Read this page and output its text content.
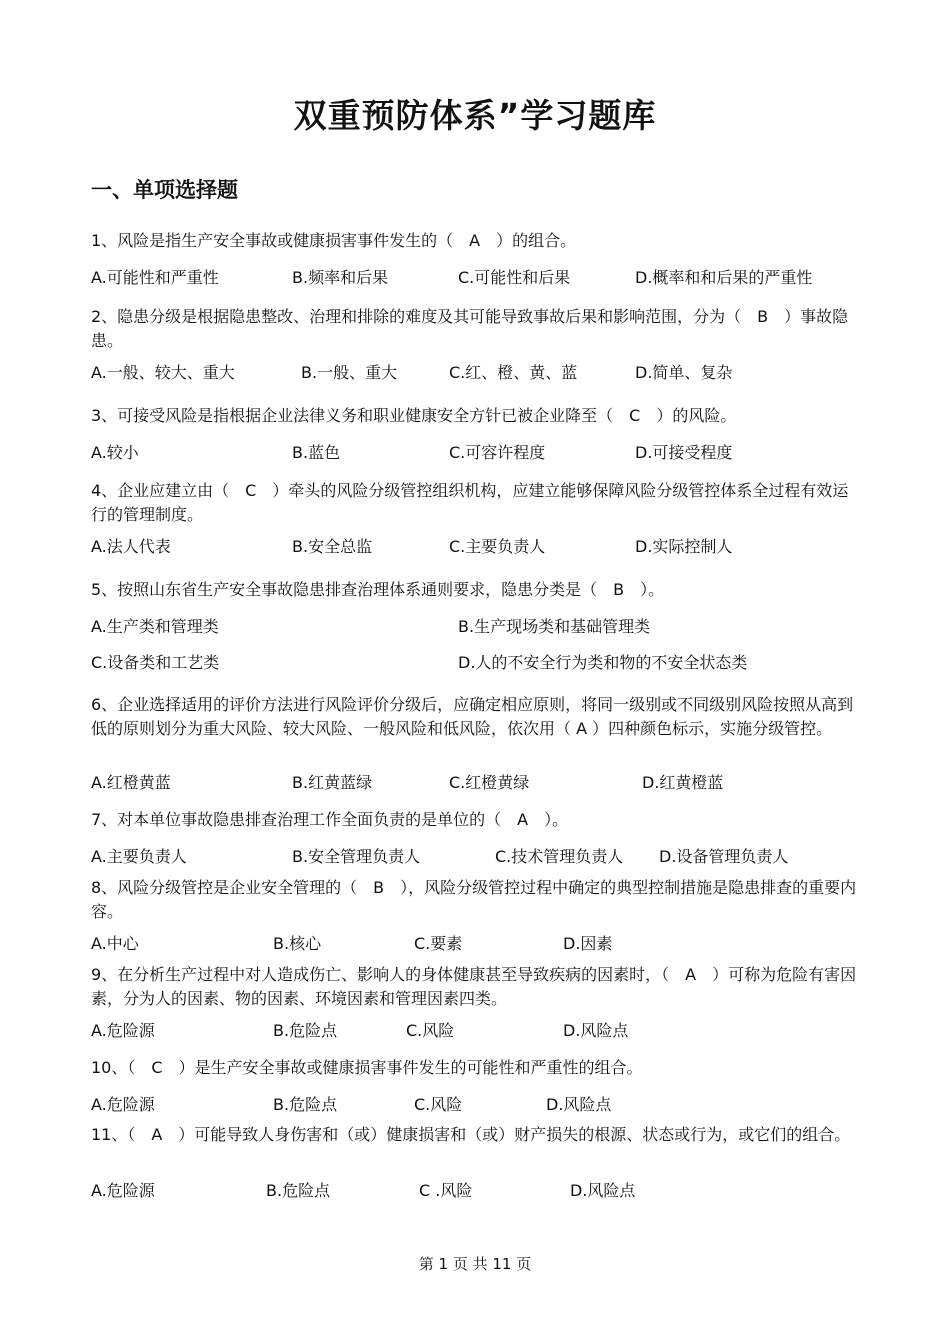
双重预防体系”学习题库
一、单项选择题
1、风险是指生产安全事故或健康损害事件发生的（　A　）的组合。
A.可能性和严重性	B.频率和后果	C.可能性和后果	D.概率和和后果的严重性
2、隐患分级是根据隐患整改、治理和排除的难度及其可能导致事故后果和影响范围，分为（　B　）事故隐患。
A.一般、较大、重大	B.一般、重大	C.红、橙、黄、蓝	D.简单、复杂
3、可接受风险是指根据企业法律义务和职业健康安全方针已被企业降至（　C　）的风险。
A.较小	B.蓝色	C.可容许程度	D.可接受程度
4、企业应建立由（　C　）牵头的风险分级管控组织机构，应建立能够保障风险分级管控体系全过程有效运行的管理制度。
A.法人代表	B.安全总监	C.主要负责人	D.实际控制人
5、按照山东省生产安全事故隐患排查治理体系通则要求，隐患分类是（　B　）。
A.生产类和管理类	B.生产现场类和基础管理类
C.设备类和工艺类	D.人的不安全行为类和物的不安全状态类
6、企业选择适用的评价方法进行风险评价分级后，应确定相应原则，将同一级别或不同级别风险按照从高到低的原则划分为重大风险、较大风险、一般风险和低风险，依次用（ A ）四种颜色标示，实施分级管控。
A.红橙黄蓝	B.红黄蓝绿	C.红橙黄绿	D.红黄橙蓝
7、对本单位事故隐患排查治理工作全面负责的是单位的（　A　）。
A.主要负责人	B.安全管理负责人	C.技术管理负责人 D.设备管理负责人
8、风险分级管控是企业安全管理的（　B　），风险分级管控过程中确定的典型控制措施是隐患排查的重要内容。
A.中心	B.核心	C.要素	D.因素
9、在分析生产过程中对人造成伤亡、影响人的身体健康甚至导致疾病的因素时，（　A　）可称为危险有害因素，分为人的因素、物的因素、环境因素和管理因素四类。
A.危险源	B.危险点	C.风险	D.风险点
10、（　C　）是生产安全事故或健康损害事件发生的可能性和严重性的组合。
A.危险源	B.危险点	C.风险	D.风险点
11、（　A　）可能导致人身伤害和（或）健康损害和（或）财产损失的根源、状态或行为，或它们的组合。
A.危险源	B.危险点	C .风险	D.风险点
第 1 页 共 11 页
